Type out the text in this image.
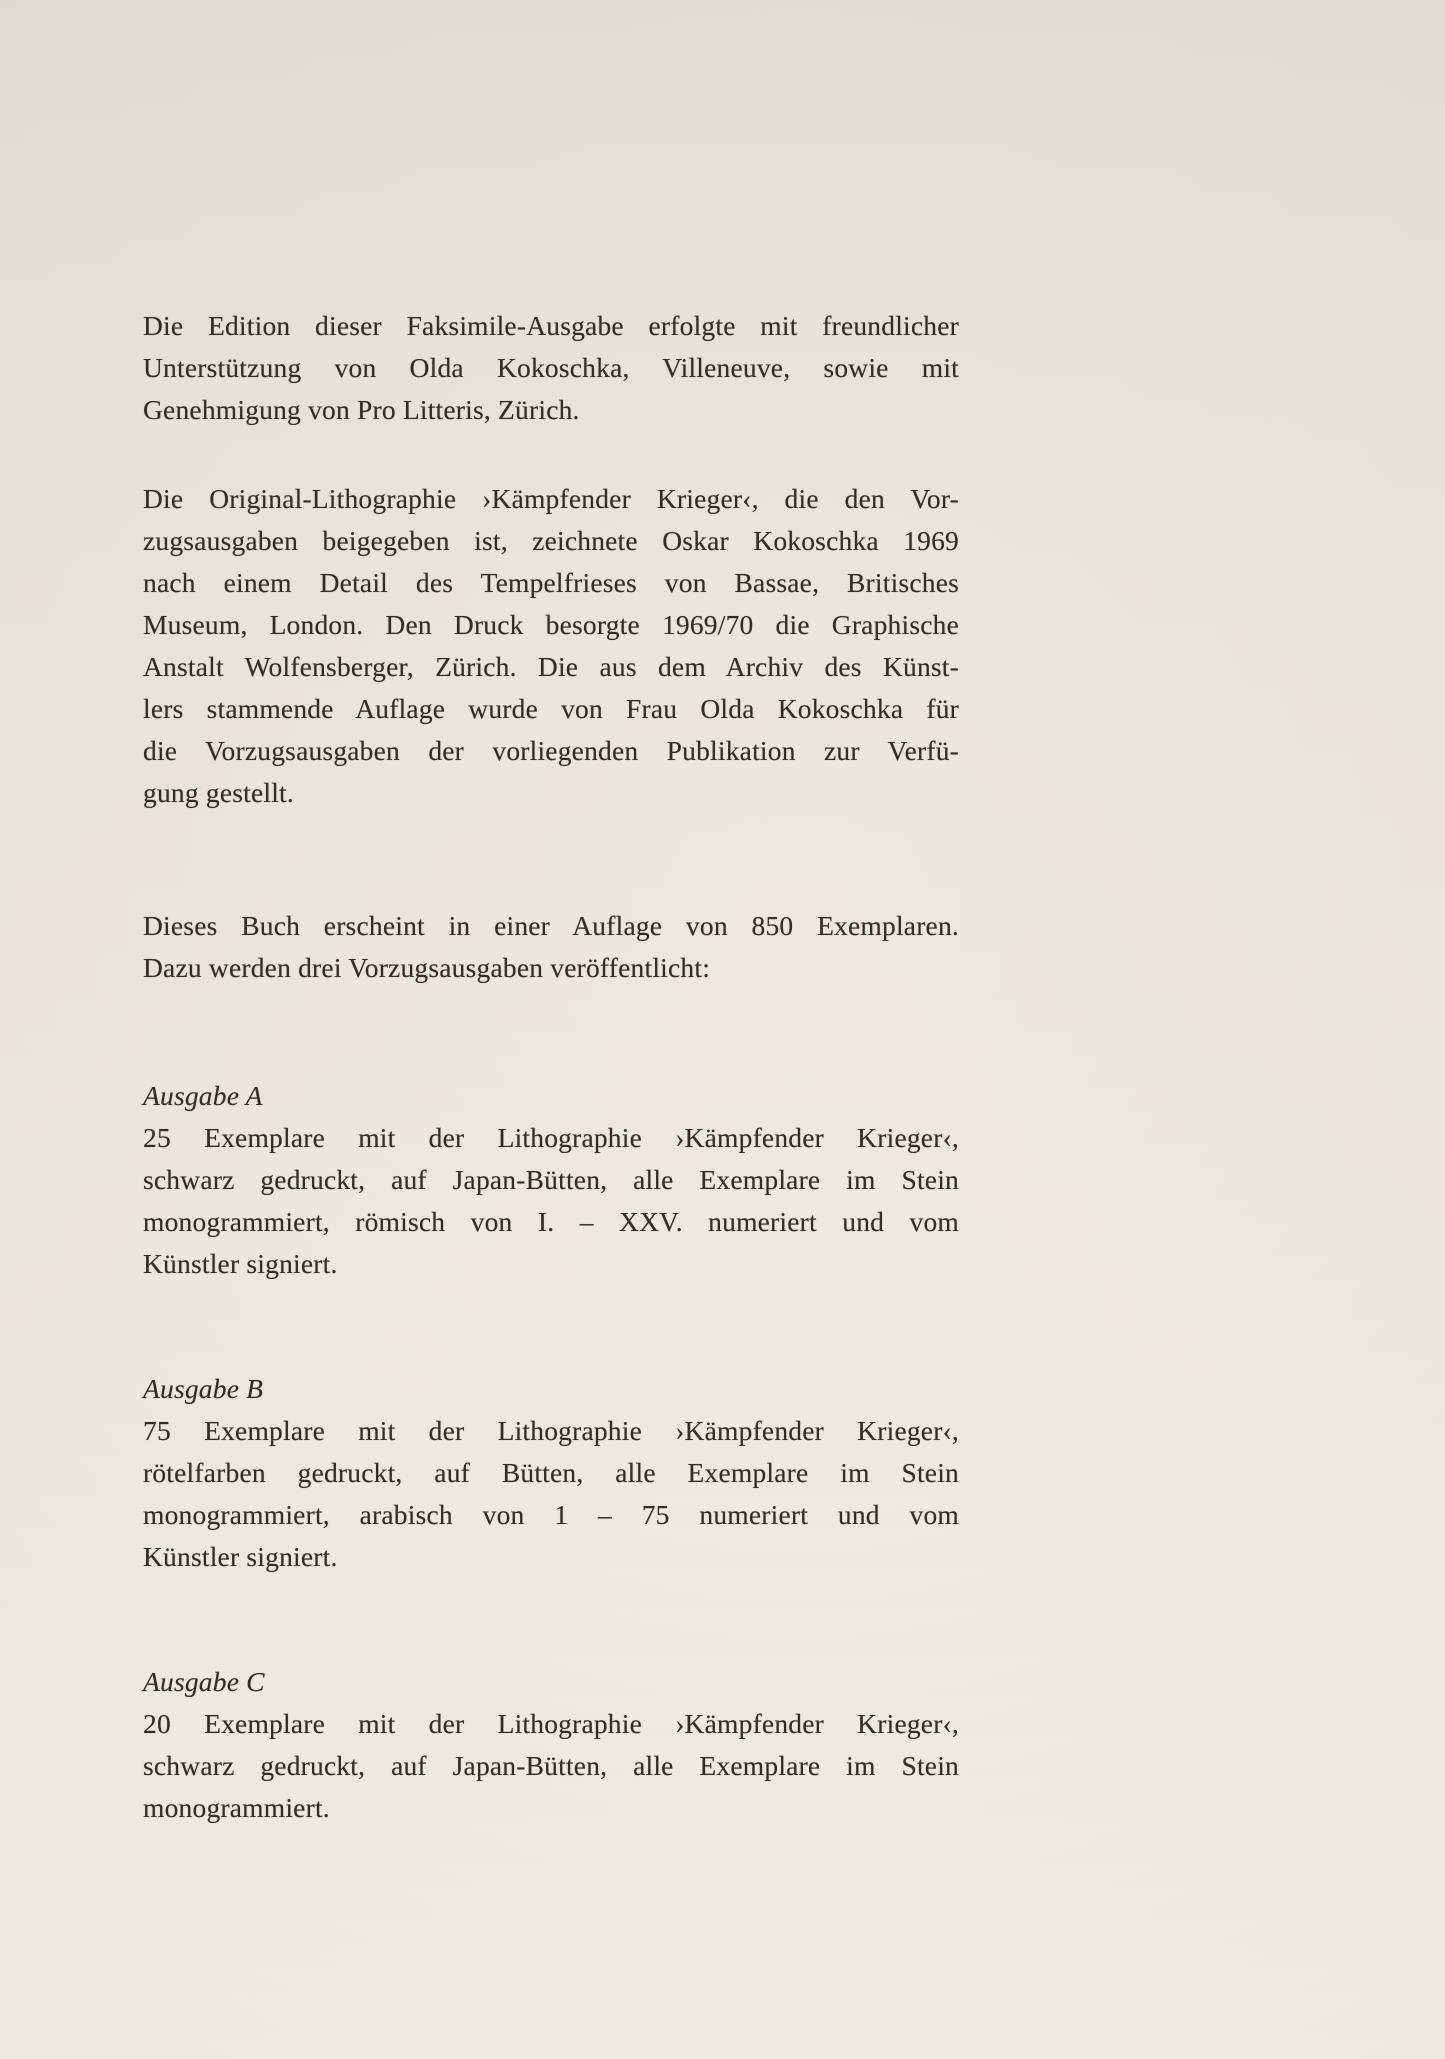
Die Edition dieser Faksimile-Ausgabe erfolgte mit freundlicher
Unterstützung von Olda Kokoschka, Villeneuve, sowie mit
Genehmigung von Pro Litteris, Zürich.
Die Original-Lithographie ›Kämpfender Krieger‹, die den Vor-
zugsausgaben beigegeben ist, zeichnete Oskar Kokoschka 1969
nach einem Detail des Tempelfrieses von Bassae, Britisches
Museum, London. Den Druck besorgte 1969/70 die Graphische
Anstalt Wolfensberger, Zürich. Die aus dem Archiv des Künst-
lers stammende Auflage wurde von Frau Olda Kokoschka für
die Vorzugsausgaben der vorliegenden Publikation zur Verfü-
gung gestellt.
Dieses Buch erscheint in einer Auflage von 850 Exemplaren.
Dazu werden drei Vorzugsausgaben veröffentlicht:
Ausgabe A
25 Exemplare mit der Lithographie ›Kämpfender Krieger‹,
schwarz gedruckt, auf Japan-Bütten, alle Exemplare im Stein
monogrammiert, römisch von I. – XXV. numeriert und vom
Künstler signiert.
Ausgabe B
75 Exemplare mit der Lithographie ›Kämpfender Krieger‹,
rötelfarben gedruckt, auf Bütten, alle Exemplare im Stein
monogrammiert, arabisch von 1 – 75 numeriert und vom
Künstler signiert.
Ausgabe C
20 Exemplare mit der Lithographie ›Kämpfender Krieger‹,
schwarz gedruckt, auf Japan-Bütten, alle Exemplare im Stein
monogrammiert.
